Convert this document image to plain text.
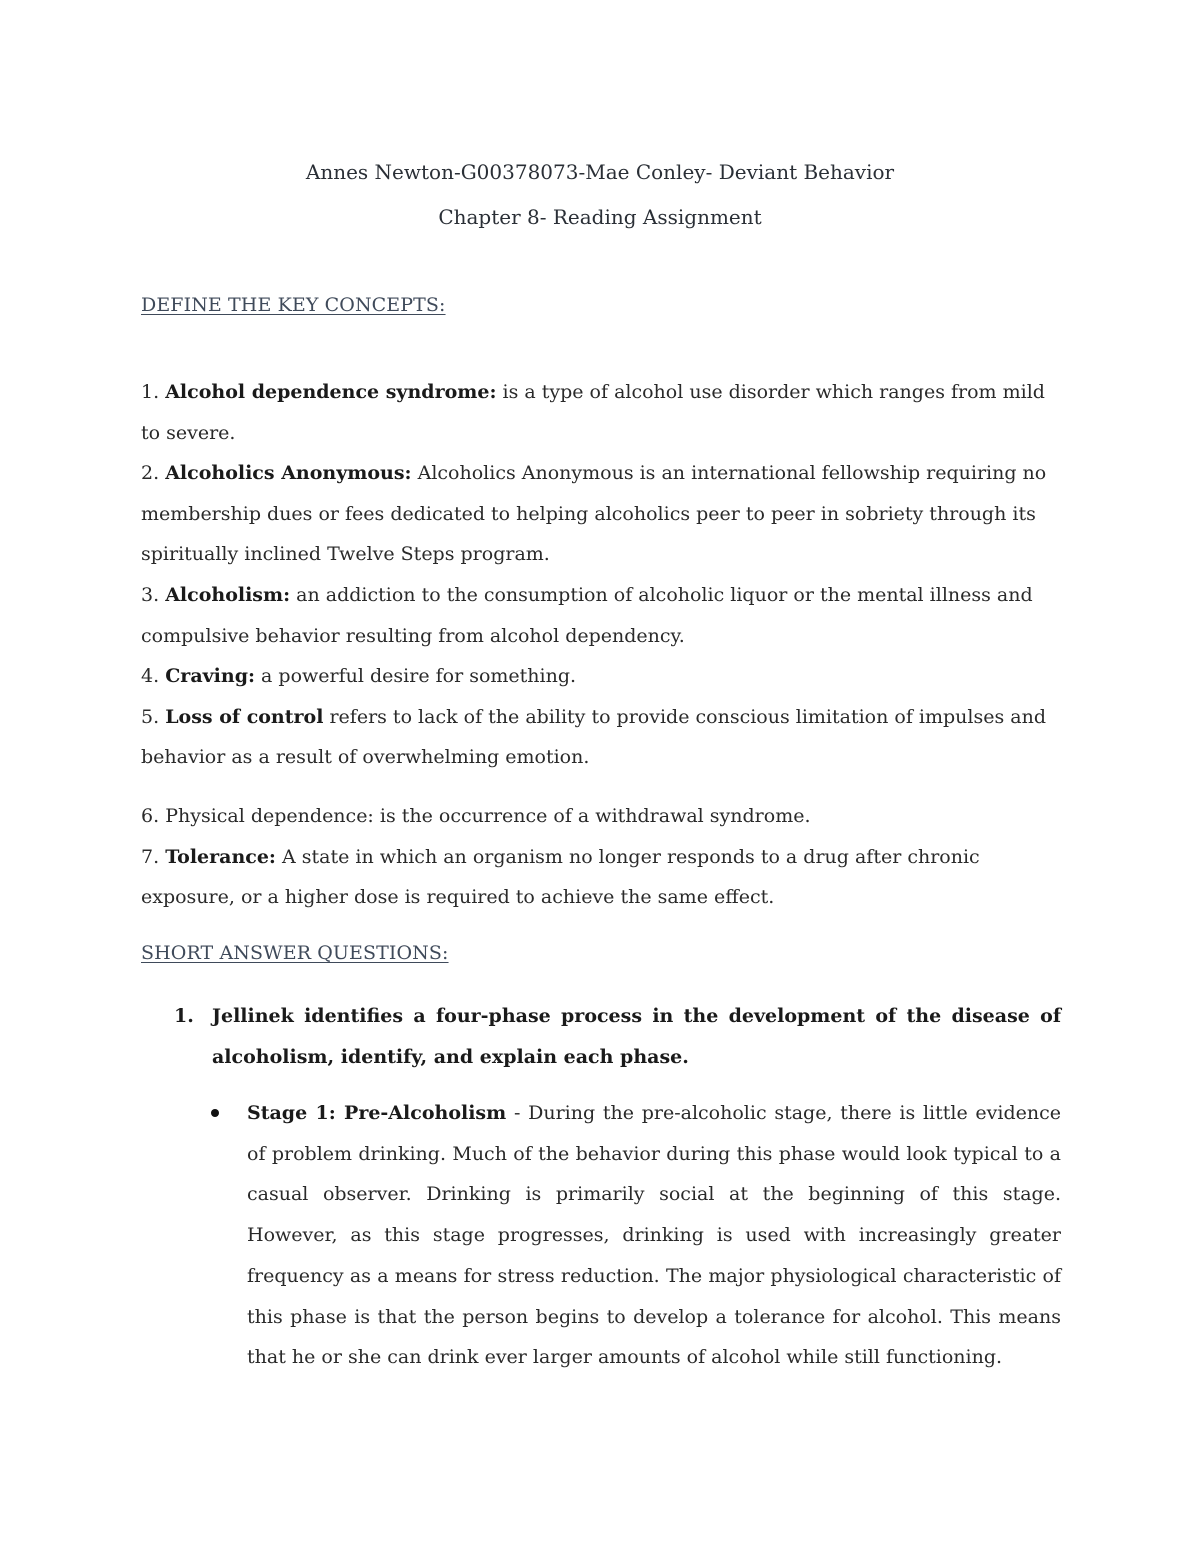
Annes Newton-G00378073-Mae Conley- Deviant Behavior
Chapter 8- Reading Assignment
DEFINE THE KEY CONCEPTS:

1. Alcohol dependence syndrome: is a type of alcohol use disorder which ranges from mild to severe.

2. Alcoholics Anonymous: Alcoholics Anonymous is an international fellowship requiring no membership dues or fees dedicated to helping alcoholics peer to peer in sobriety through its spiritually inclined Twelve Steps program.

3. Alcoholism: an addiction to the consumption of alcoholic liquor or the mental illness and compulsive behavior resulting from alcohol dependency.

4. Craving: a powerful desire for something.

5. Loss of control refers to lack of the ability to provide conscious limitation of impulses and behavior as a result of overwhelming emotion.

6. Physical dependence: is the occurrence of a withdrawal syndrome.

7. Tolerance: A state in which an organism no longer responds to a drug after chronic exposure, or a higher dose is required to achieve the same effect.

SHORT ANSWER QUESTIONS:
1. Jellinek identifies a four-phase process in the development of the disease of alcoholism, identify, and explain each phase.
Stage 1: Pre-Alcoholism - During the pre-alcoholic stage, there is little evidence of problem drinking. Much of the behavior during this phase would look typical to a casual observer. Drinking is primarily social at the beginning of this stage. However, as this stage progresses, drinking is used with increasingly greater frequency as a means for stress reduction. The major physiological characteristic of this phase is that the person begins to develop a tolerance for alcohol. This means that he or she can drink ever larger amounts of alcohol while still functioning.
